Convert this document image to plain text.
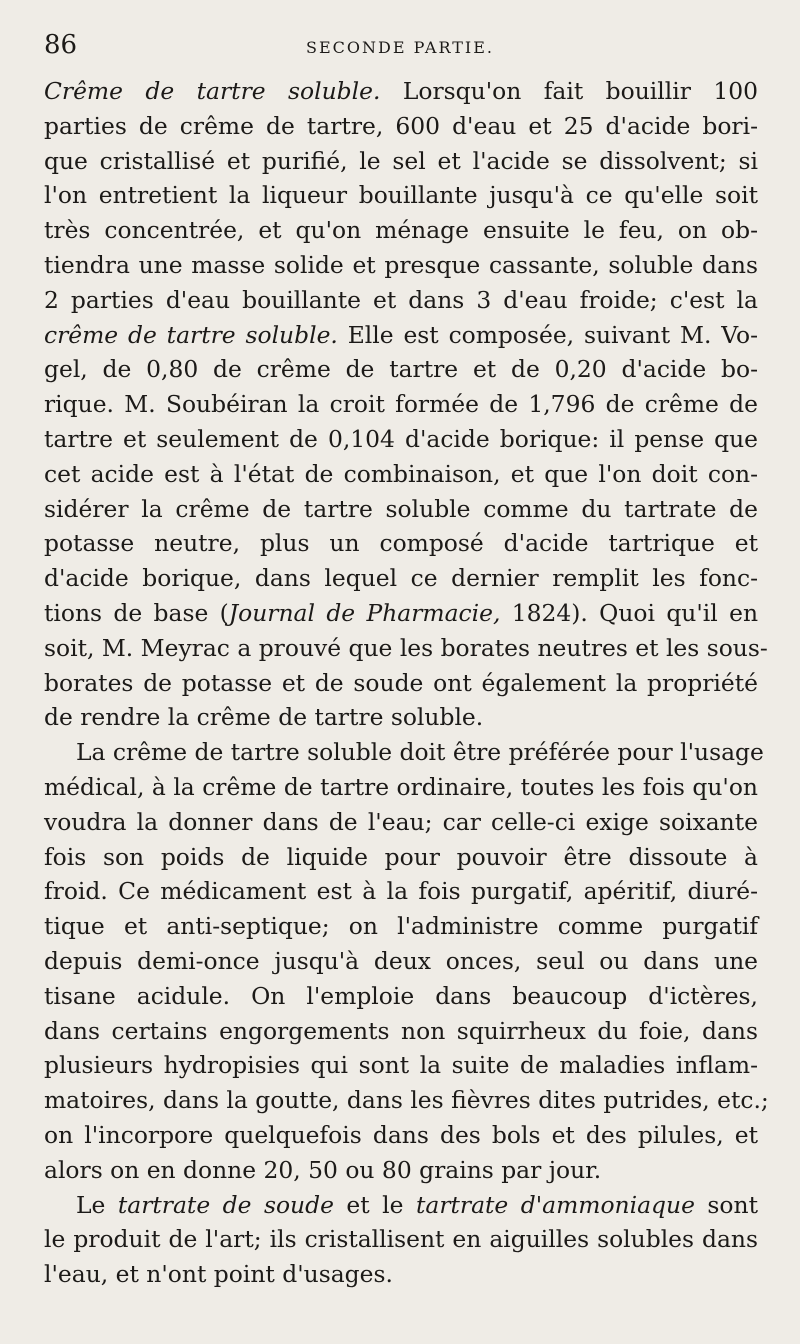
86	SECONDE PARTIE.
Crême de tartre soluble. Lorsqu'on fait bouillir 100
parties de crême de tartre, 600 d'eau et 25 d'acide bori-
que cristallisé et purifié, le sel et l'acide se dissolvent; si
l'on entretient la liqueur bouillante jusqu'à ce qu'elle soit
très concentrée, et qu'on ménage ensuite le feu, on ob-
tiendra une masse solide et presque cassante, soluble dans
2 parties d'eau bouillante et dans 3 d'eau froide; c'est la
crême de tartre soluble. Elle est composée, suivant M. Vo-
gel, de 0,80 de crême de tartre et de 0,20 d'acide bo-
rique. M. Soubéiran la croit formée de 1,796 de crême de
tartre et seulement de 0,104 d'acide borique: il pense que
cet acide est à l'état de combinaison, et que l'on doit con-
sidérer la crême de tartre soluble comme du tartrate de
potasse neutre, plus un composé d'acide tartrique et
d'acide borique, dans lequel ce dernier remplit les fonc-
tions de base (Journal de Pharmacie, 1824). Quoi qu'il en
soit, M. Meyrac a prouvé que les borates neutres et les sous-
borates de potasse et de soude ont également la propriété
de rendre la crême de tartre soluble.
La crême de tartre soluble doit être préférée pour l'usage
médical, à la crême de tartre ordinaire, toutes les fois qu'on
voudra la donner dans de l'eau; car celle-ci exige soixante
fois son poids de liquide pour pouvoir être dissoute à
froid. Ce médicament est à la fois purgatif, apéritif, diuré-
tique et anti-septique; on l'administre comme purgatif
depuis demi-once jusqu'à deux onces, seul ou dans une
tisane acidule. On l'emploie dans beaucoup d'ictères,
dans certains engorgements non squirrheux du foie, dans
plusieurs hydropisies qui sont la suite de maladies inflam-
matoires, dans la goutte, dans les fièvres dites putrides, etc.;
on l'incorpore quelquefois dans des bols et des pilules, et
alors on en donne 20, 50 ou 80 grains par jour.
Le tartrate de soude et le tartrate d'ammoniaque sont
le produit de l'art; ils cristallisent en aiguilles solubles dans
l'eau, et n'ont point d'usages.
